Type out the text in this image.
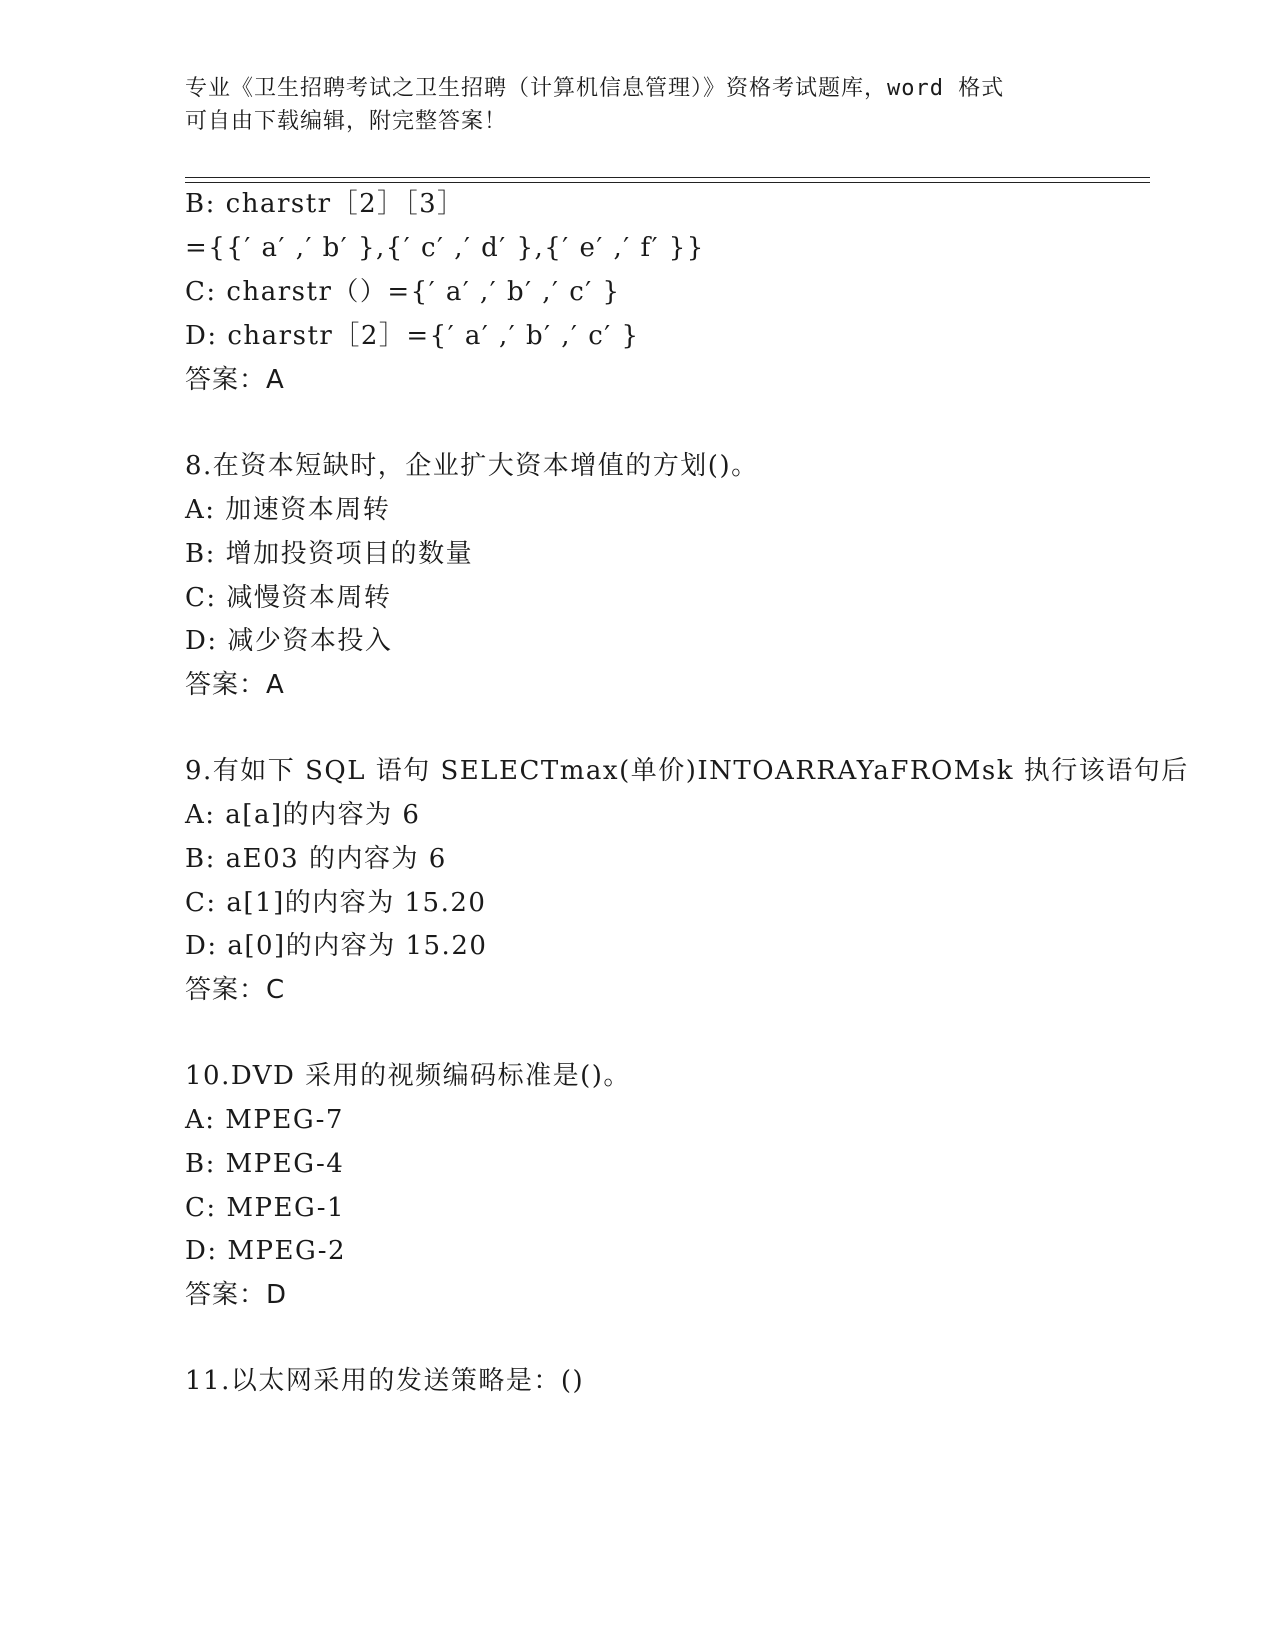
专业《卫生招聘考试之卫生招聘（计算机信息管理）》资格考试题库，word 格式
可自由下载编辑，附完整答案！
B: charstr［2］［3］
={{′ a′ ,′ b′ },{′ c′ ,′ d′ },{′ e′ ,′ f′ }}
C: charstr（）={′ a′ ,′ b′ ,′ c′ }
D: charstr［2］={′ a′ ,′ b′ ,′ c′ }
答案：A
8.在资本短缺时，企业扩大资本增值的方划()。
A: 加速资本周转
B: 增加投资项目的数量
C: 减慢资本周转
D: 减少资本投入
答案：A
9.有如下 SQL 语句 SELECTmax(单价)INTOARRAYaFROMsk 执行该语句后
A: a[a]的内容为 6
B: aE03 的内容为 6
C: a[1]的内容为 15.20
D: a[0]的内容为 15.20
答案：C
10.DVD 采用的视频编码标准是()。
A: MPEG-7
B: MPEG-4
C: MPEG-1
D: MPEG-2
答案：D
11.以太网采用的发送策略是：()
